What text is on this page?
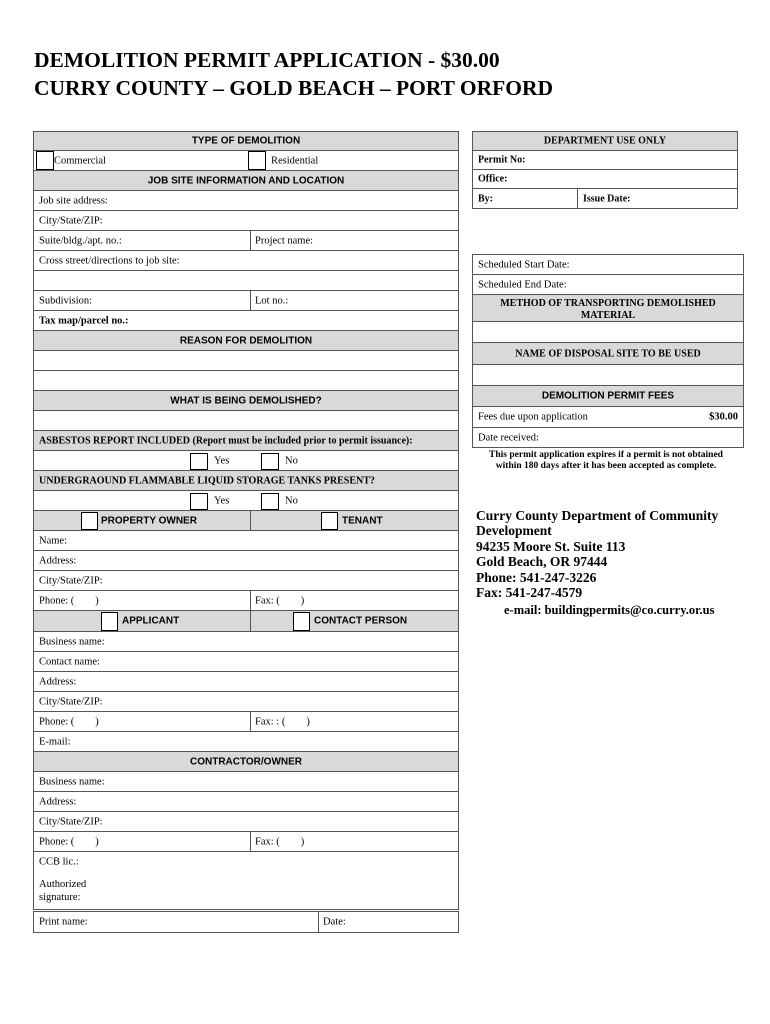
DEMOLITION PERMIT APPLICATION - $30.00
CURRY COUNTY – GOLD BEACH – PORT ORFORD
TYPE OF DEMOLITION
Commercial	Residential
JOB SITE INFORMATION AND LOCATION
Job site address:
City/State/ZIP:
Suite/bldg./apt. no.:	Project name:
Cross street/directions to job site:
Subdivision:	Lot no.:
Tax map/parcel no.:
REASON FOR DEMOLITION
WHAT IS BEING DEMOLISHED?
ASBESTOS REPORT INCLUDED (Report must be included prior to permit issuance):
Yes	No
UNDERGRAOUND FLAMMABLE LIQUID STORAGE TANKS PRESENT?
Yes	No
PROPERTY OWNER	TENANT
Name:
Address:
City/State/ZIP:
Phone: (        )	Fax: (        )
APPLICANT	CONTACT PERSON
Business name:
Contact name:
Address:
City/State/ZIP:
Phone: (        )	Fax: : (        )
E-mail:
CONTRACTOR/OWNER
Business name:
Address:
City/State/ZIP:
Phone: (        )	Fax: (        )
CCB lic.:
Authorized
signature:
Print name:	Date:
DEPARTMENT USE ONLY
Permit No:
Office:
By:	Issue Date:
Scheduled Start Date:
Scheduled End Date:
METHOD OF TRANSPORTING DEMOLISHED
MATERIAL
NAME OF DISPOSAL SITE TO BE USED
DEMOLITION PERMIT FEES
Fees due upon application	$30.00
Date received:
This permit application expires if a permit is not obtained
within 180 days after it has been accepted as complete.
Curry County Department of Community
Development
94235 Moore St. Suite 113
Gold Beach, OR 97444
Phone: 541-247-3226
Fax: 541-247-4579
e-mail: buildingpermits@co.curry.or.us
